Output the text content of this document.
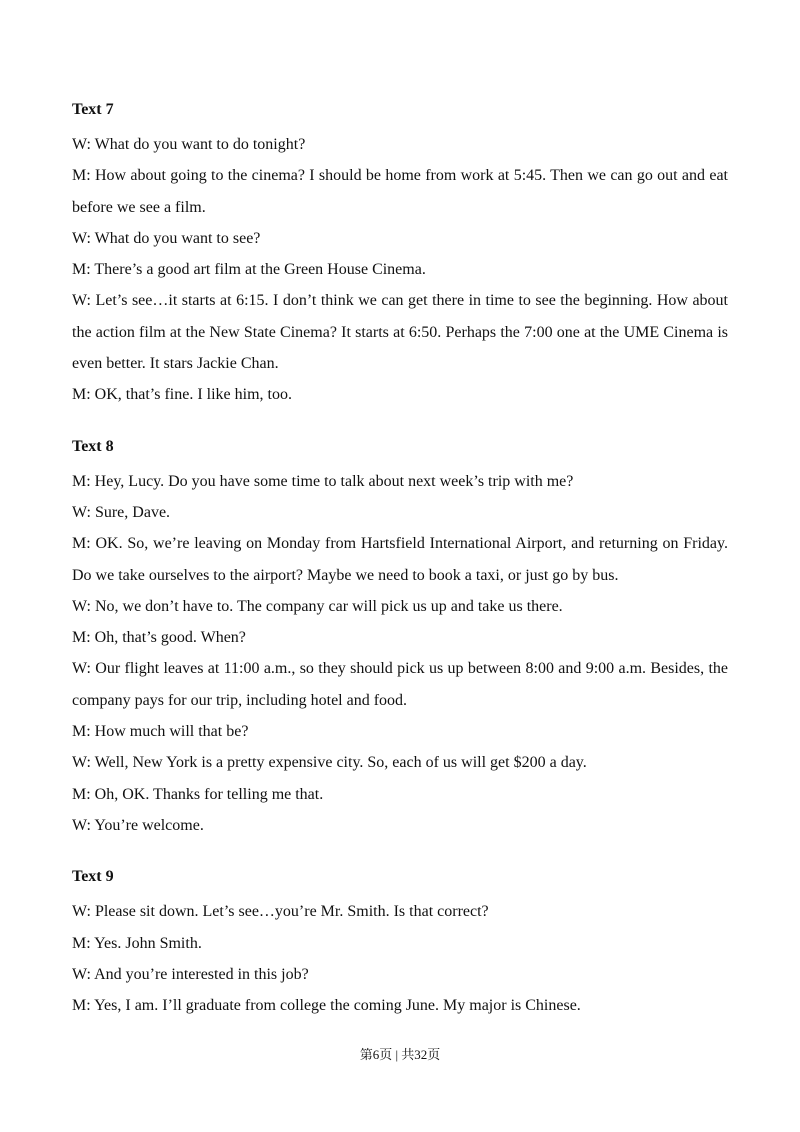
Text 7

W: What do you want to do tonight?

M: How about going to the cinema? I should be home from work at 5:45. Then we can go out and eat before we see a film.

W: What do you want to see?

M: There’s a good art film at the Green House Cinema.

W: Let’s see…it starts at 6:15. I don’t think we can get there in time to see the beginning. How about the action film at the New State Cinema? It starts at 6:50. Perhaps the 7:00 one at the UME Cinema is even better. It stars Jackie Chan.

M: OK, that’s fine. I like him, too.

Text 8

M: Hey, Lucy. Do you have some time to talk about next week’s trip with me?

W: Sure, Dave.

M: OK. So, we’re leaving on Monday from Hartsfield International Airport, and returning on Friday. Do we take ourselves to the airport? Maybe we need to book a taxi, or just go by bus.

W: No, we don’t have to. The company car will pick us up and take us there.

M: Oh, that’s good. When?

W: Our flight leaves at 11:00 a.m., so they should pick us up between 8:00 and 9:00 a.m. Besides, the company pays for our trip, including hotel and food.

M: How much will that be?

W: Well, New York is a pretty expensive city. So, each of us will get $200 a day.

M: Oh, OK. Thanks for telling me that.

W: You’re welcome.

Text 9

W: Please sit down. Let’s see…you’re Mr. Smith. Is that correct?

M: Yes. John Smith.

W: And you’re interested in this job?

M: Yes, I am. I’ll graduate from college the coming June. My major is Chinese.

第6页 | 共32页
